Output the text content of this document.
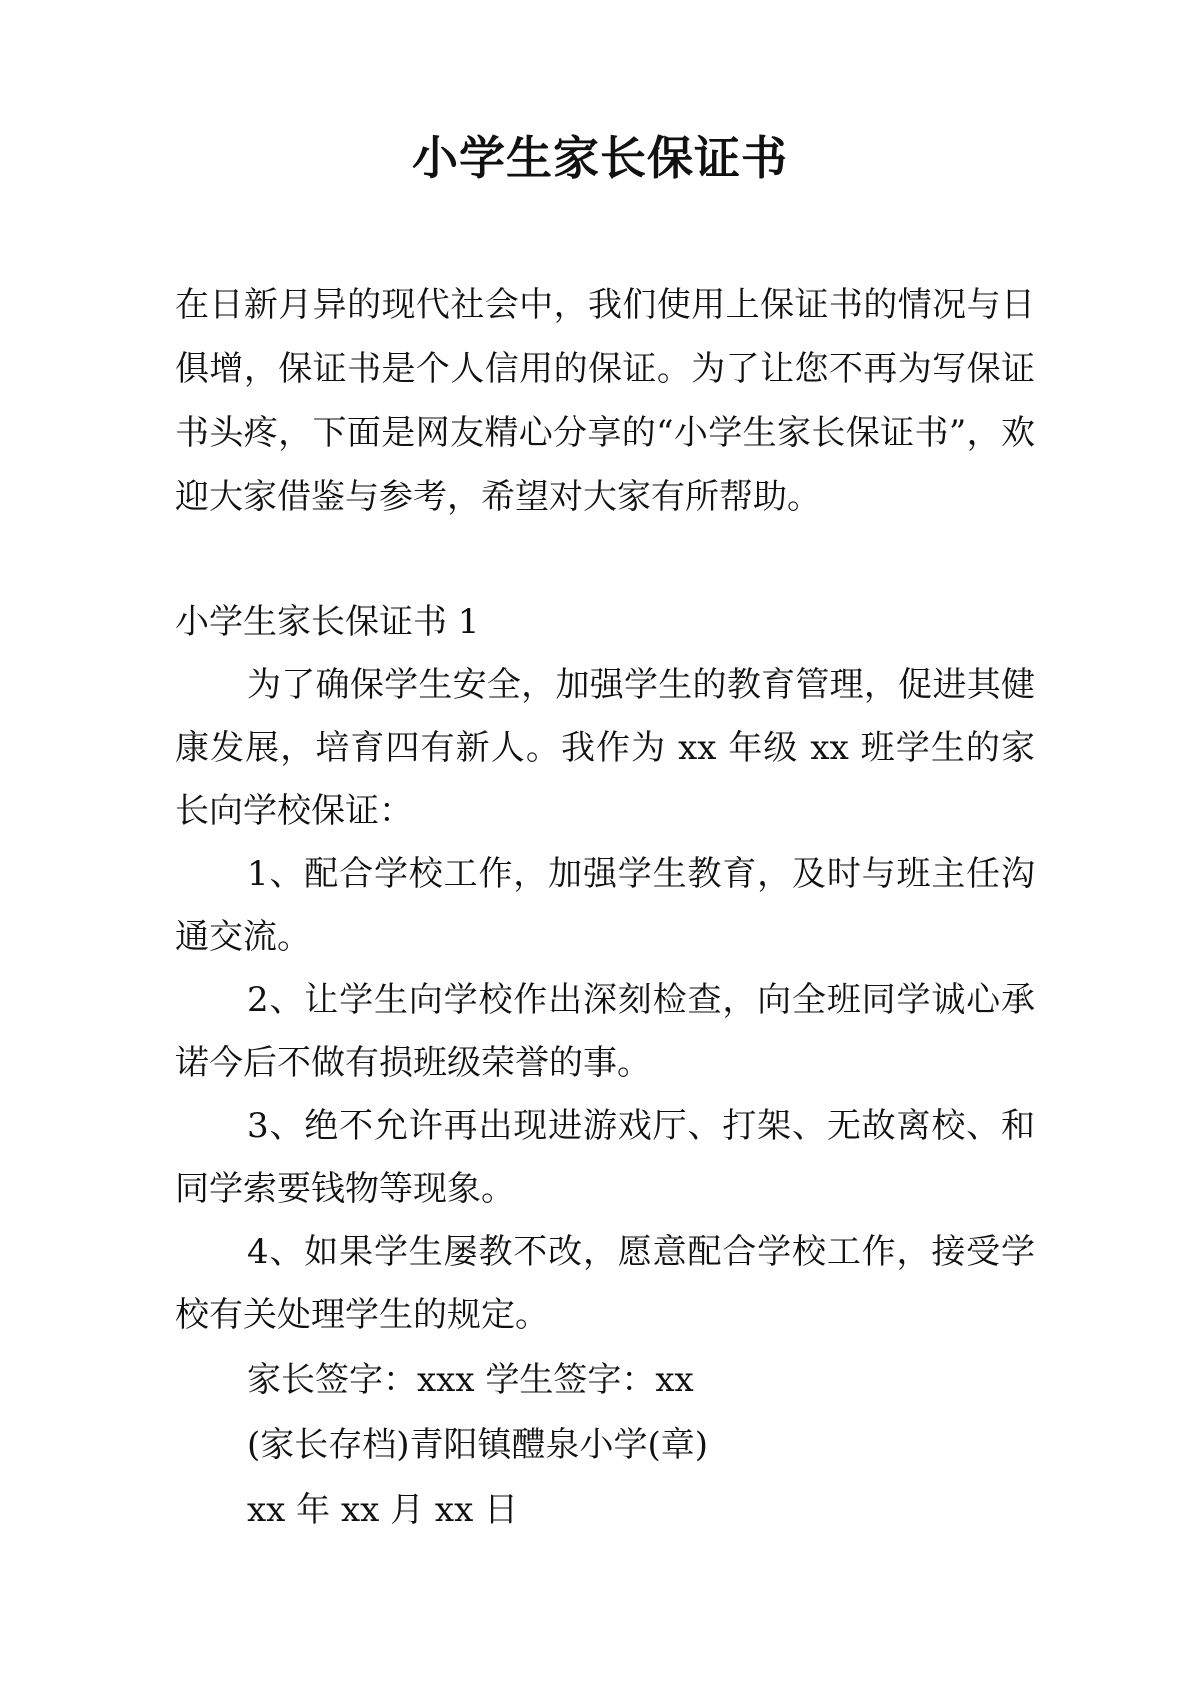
小学生家长保证书
在日新月异的现代社会中，我们使用上保证书的情况与日俱增，保证书是个人信用的保证。为了让您不再为写保证书头疼，下面是网友精心分享的“小学生家长保证书”，欢迎大家借鉴与参考，希望对大家有所帮助。

小学生家长保证书 1

为了确保学生安全，加强学生的教育管理，促进其健康发展，培育四有新人。我作为 xx 年级 xx 班学生的家长向学校保证：

1、配合学校工作，加强学生教育，及时与班主任沟通交流。

2、让学生向学校作出深刻检查，向全班同学诚心承诺今后不做有损班级荣誉的事。

3、绝不允许再出现进游戏厅、打架、无故离校、和同学索要钱物等现象。

4、如果学生屡教不改，愿意配合学校工作，接受学校有关处理学生的规定。

家长签字：xxx 学生签字：xx

(家长存档)青阳镇醴泉小学(章)

xx 年 xx 月 xx 日
